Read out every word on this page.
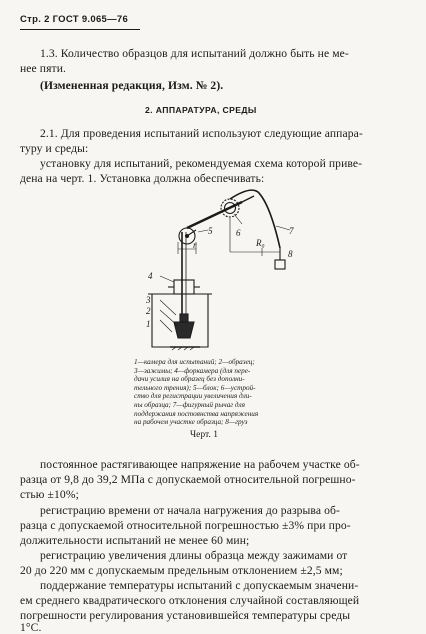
Стр. 2 ГОСТ 9.065—76
1.3. Количество образцов для испытаний должно быть не ме-
нее пяти.
(Измененная редакция, Изм. № 2).
2. АППАРАТУРА, СРЕДЫ
2.1. Для проведения испытаний используют следующие аппара-
туру и среды:
установку для испытаний, рекомендуемая схема которой приве-
дена на черт. 1. Установка должна обеспечивать:
4
3
2
1
5	6	7
8
r	R₀
1—камера для испытаний; 2—образец;
3—зажимы; 4—форкамера (для пере-
дачи усилия на образец без дополни-
тельного трения); 5—блок; 6—устрой-
ство для регистрации увеличения дли-
ны образца; 7—фигурный рычаг для
поддержания постоянства напряжения
на рабочем участке образца; 8—груз
Черт. 1
постоянное растягивающее напряжение на рабочем участке об-
разца от 9,8 до 39,2 МПа с допускаемой относительной погрешно-
стью ±10%;
регистрацию времени от начала нагружения до разрыва об-
разца с допускаемой относительной погрешностью ±3% при про-
должительности испытаний не менее 60 мин;
регистрацию увеличения длины образца между зажимами от
20 до 220 мм с допускаемым предельным отклонением ±2,5 мм;
поддержание температуры испытаний с допускаемым значени-
ем среднего квадратического отклонения случайной составляющей
погрешности регулирования установившейся температуры среды
1°С.
